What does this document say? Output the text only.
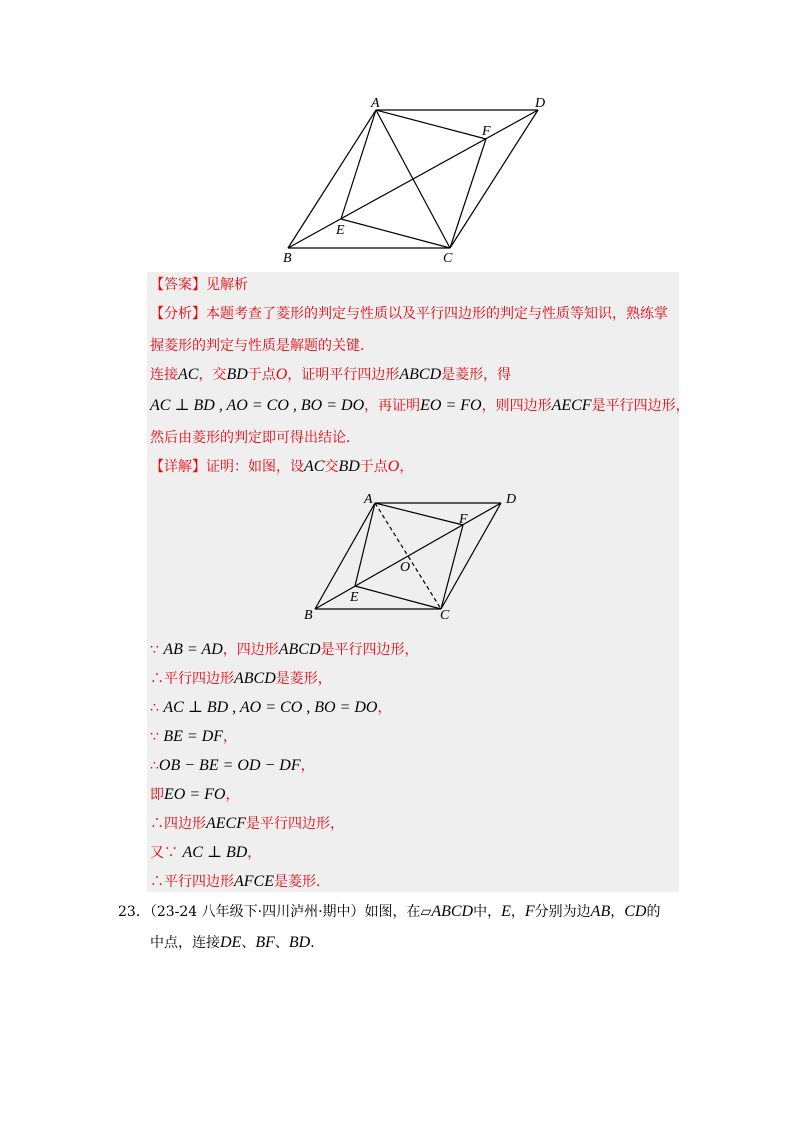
A	D
F
E
B	C
【答案】见解析
【分析】本题考查了菱形的判定与性质以及平行四边形的判定与性质等知识，熟练掌
握菱形的判定与性质是解题的关键．
连接AC，交BD于点O，证明平行四边形ABCD是菱形，得
AC ⊥ BD , AO = CO , BO = DO，再证明EO = FO，则四边形AECF是平行四边形，
然后由菱形的判定即可得出结论．
【详解】证明：如图，设AC交BD于点O，
A	D
F
O
E
B	C
∵ AB = AD，四边形ABCD是平行四边形，
∴平行四边形ABCD是菱形，
∴ AC ⊥ BD , AO = CO , BO = DO，
∵ BE = DF，
∴OB − BE = OD − DF，
即EO = FO，
∴四边形AECF是平行四边形，
又∵ AC ⊥ BD，
∴平行四边形AFCE是菱形．
23．（23-24 八年级下·四川泸州·期中）如图，在▱ABCD中，E，F分别为边AB，CD的
中点，连接DE、BF、BD．
